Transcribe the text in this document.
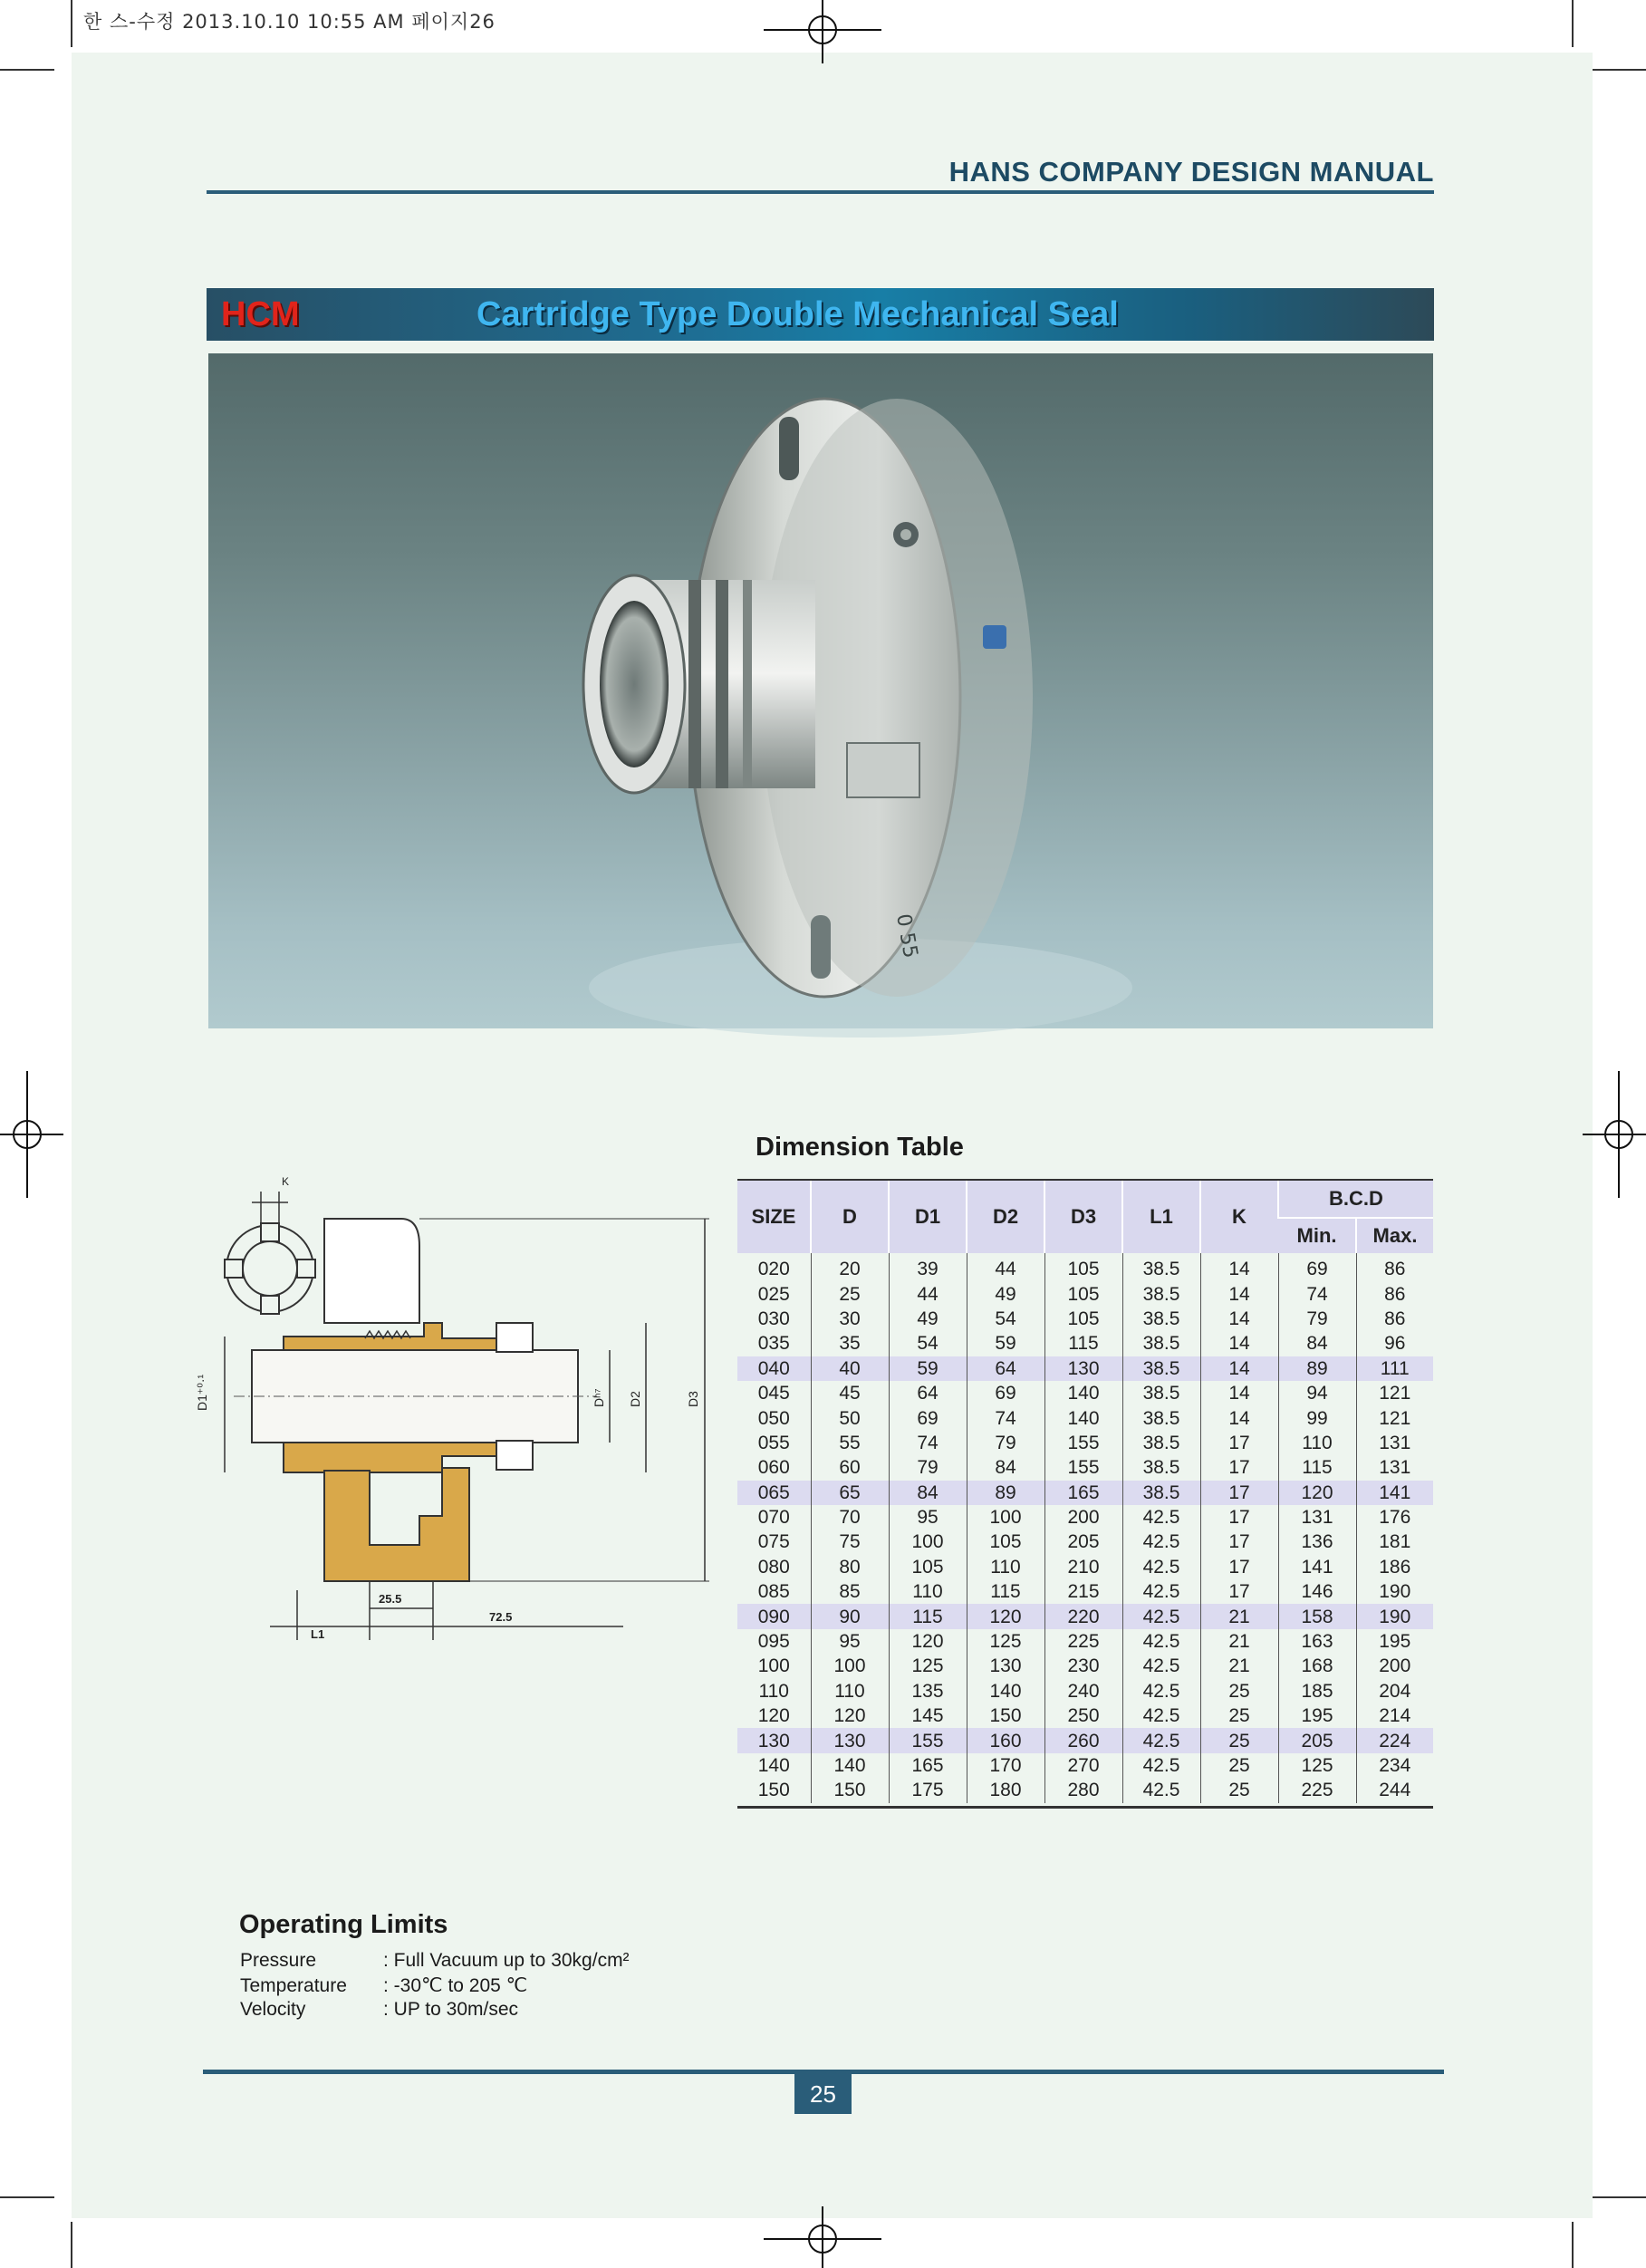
한 스-수정 2013.10.10 10:55 AM 페이지26
HANS COMPANY DESIGN MANUAL
HCM	Cartridge Type Double Mechanical Seal
0 55
K
D1⁺⁰·¹	Dʰ⁷ D2	D3
25.5
L1
72.5
Dimension Table
SIZE	D	D1	D2	D3	L1	K	B.C.D	
							Min.	Max.
020	20	39	44	105	38.5	14	69	86
025	25	44	49	105	38.5	14	74	86
030	30	49	54	105	38.5	14	79	86
035	35	54	59	115	38.5	14	84	96
040	40	59	64	130	38.5	14	89	111
045	45	64	69	140	38.5	14	94	121
050	50	69	74	140	38.5	14	99	121
055	55	74	79	155	38.5	17	110	131
060	60	79	84	155	38.5	17	115	131
065	65	84	89	165	38.5	17	120	141
070	70	95	100	200	42.5	17	131	176
075	75	100	105	205	42.5	17	136	181
080	80	105	110	210	42.5	17	141	186
085	85	110	115	215	42.5	17	146	190
090	90	115	120	220	42.5	21	158	190
095	95	120	125	225	42.5	21	163	195
100	100	125	130	230	42.5	21	168	200
110	110	135	140	240	42.5	25	185	204
120	120	145	150	250	42.5	25	195	214
130	130	155	160	260	42.5	25	205	224
140	140	165	170	270	42.5	25	125	234
150	150	175	180	280	42.5	25	225	244
Operating Limits
Pressure	: Full Vacuum up to 30kg/cm²
Temperature : -30℃ to 205 ℃
Velocity	: UP to 30m/sec
25
